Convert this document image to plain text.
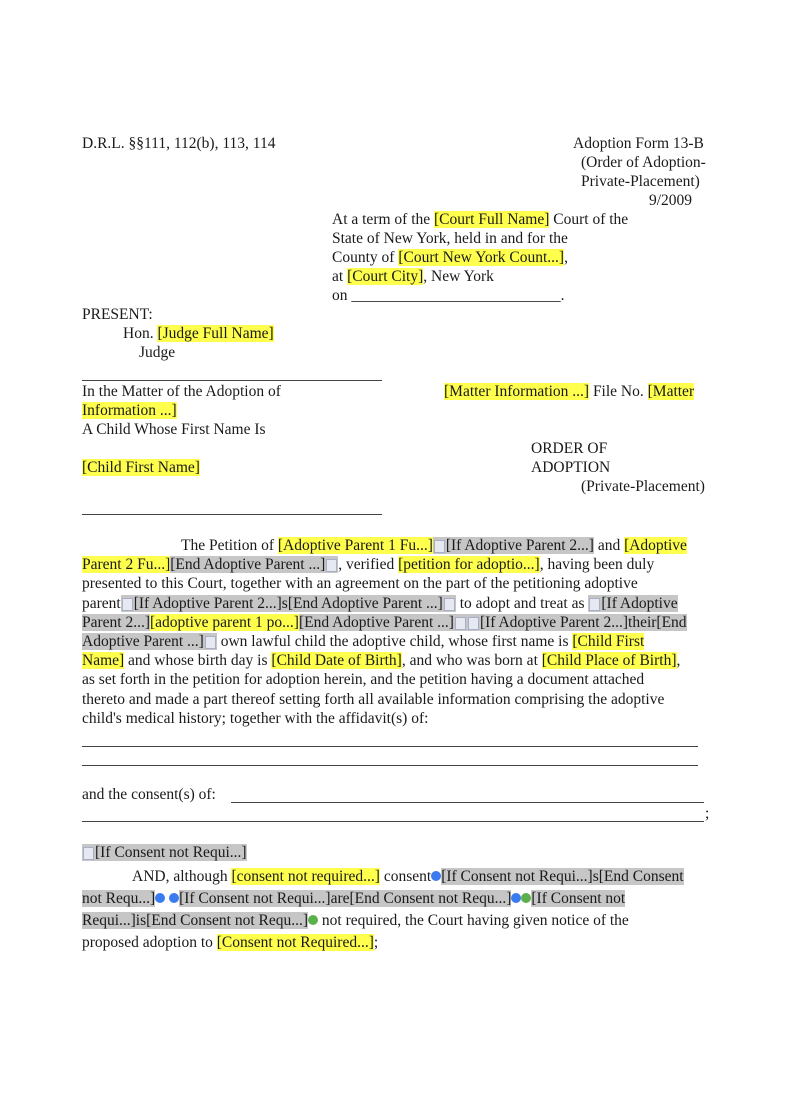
D.R.L. §§111, 112(b), 113, 114	Adoption Form 13-B
(Order of Adoption-
Private-Placement)
9/2009
At a term of the [Court Full Name] Court of the
State of New York, held in and for the
County of [Court New York Count...],
at [Court City], New York
on ___________________________.
PRESENT:
Hon. [Judge Full Name]
Judge
In the Matter of the Adoption of
Information ...]
A Child Whose First Name Is
[Child First Name]
[Matter Information ...] File No. [Matter
ORDER OF
ADOPTION
(Private-Placement)
The Petition of [Adoptive Parent 1 Fu...] [If Adoptive Parent 2...] and [Adoptive
Parent 2 Fu...][End Adoptive Parent ...] , verified [petition for adoptio...], having been duly
presented to this Court, together with an agreement on the part of the petitioning adoptive
parent [If Adoptive Parent 2...]s[End Adoptive Parent ...] to adopt and treat as [If Adoptive
Parent 2...][adoptive parent 1 po...][End Adoptive Parent ...] [If Adoptive Parent 2...]their[End
Adoptive Parent ...] own lawful child the adoptive child, whose first name is [Child First
Name] and whose birth day is [Child Date of Birth], and who was born at [Child Place of Birth],
as set forth in the petition for adoption herein, and the petition having a document attached
thereto and made a part thereof setting forth all available information comprising the adoptive
child's medical history; together with the affidavit(s) of:
and the consent(s) of:
;
[If Consent not Requi...]
AND, although [consent not required...] consent [If Consent not Requi...]s[End Consent
not Requ...] [If Consent not Requi...]are[End Consent not Requ...] [If Consent not
Requi...]is[End Consent not Requ...] not required, the Court having given notice of the
proposed adoption to [Consent not Required...];
